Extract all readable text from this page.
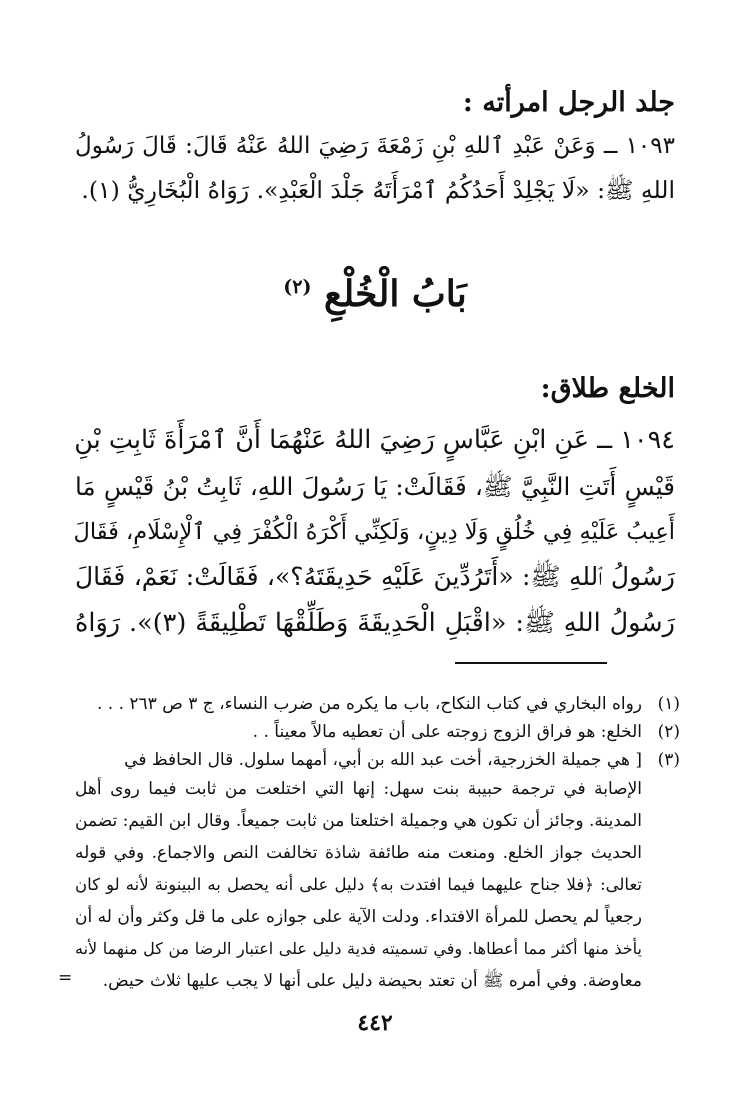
جلد الرجل امرأته :
١٠٩٣ ــ وَعَنْ عَبْدِ ٱللهِ بْنِ زَمْعَةَ رَضِيَ اللهُ عَنْهُ قَالَ: قَالَ رَسُولُ
اللهِ ﷺ: «لَا يَجْلِدْ أَحَدُكُمُ ٱمْرَأَتَهُ جَلْدَ الْعَبْدِ». رَوَاهُ الْبُخَارِيُّ (١).
بَابُ الْخُلْعِ $^{(٢)}$
الخلع طلاق:
١٠٩٤ ــ عَنِ ابْنِ عَبَّاسٍ رَضِيَ اللهُ عَنْهُمَا أَنَّ ٱمْرَأَةَ ثَابِتِ بْنِ
قَيْسٍ أَتَتِ النَّبِيَّ ﷺ، فَقَالَتْ: يَا رَسُولَ اللهِ، ثَابِتُ بْنُ قَيْسٍ مَا
أَعِيبُ عَلَيْهِ فِي خُلُقٍ وَلَا دِينٍ، وَلَكِنِّي أَكْرَهُ الْكُفْرَ فِي ٱلْإِسْلَامِ، فَقَالَ
رَسُولُ ٱللهِ ﷺ: «أَتَرُدِّينَ عَلَيْهِ حَدِيقَتَهُ؟»، فَقَالَتْ: نَعَمْ، فَقَالَ
رَسُولُ اللهِ ﷺ: «اقْبَلِ الْحَدِيقَةَ وَطَلِّقْهَا تَطْلِيقَةً (٣)». رَوَاهُ
(١)
رواه البخاري في كتاب النكاح، باب ما يكره من ضرب النساء، ج ٣ ص ٢٦٣ . . .
(٢)
الخلع: هو فراق الزوج زوجته على أن تعطيه مالاً معيناً . .
(٣)
[ هي جميلة الخزرجية، أخت عبد الله بن أبي، أمهما سلول. قال الحافظ في
الإصابة في ترجمة حبيبة بنت سهل: إنها التي اختلعت من ثابت فيما روى أهل
المدينة. وجائز أن تكون هي وجميلة اختلعتا من ثابت جميعاً. وقال ابن القيم: تضمن
الحديث جواز الخلع. ومنعت منه طائفة شاذة تخالفت النص والاجماع. وفي قوله
تعالى: ﴿فلا جناح عليهما فيما افتدت به﴾ دليل على أنه يحصل به البينونة لأنه لو كان
رجعياً لم يحصل للمرأة الافتداء. ودلت الآية على جوازه على ما قل وكثر وأن له أن
يأخذ منها أكثر مما أعطاها. وفي تسميته فدية دليل على اعتبار الرضا من كل منهما لأنه
معاوضة. وفي أمره ﷺ أن تعتد بحيضة دليل على أنها لا يجب عليها ثلاث حيض.
=
٤٤٢
